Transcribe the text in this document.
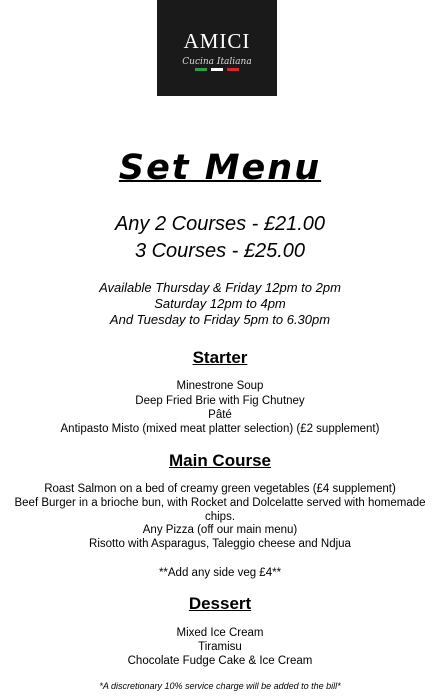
AMICI
Cucina Italiana
Set Menu
Any 2 Courses - £21.00
3 Courses - £25.00
Available Thursday & Friday 12pm to 2pm
Saturday 12pm to 4pm
And Tuesday to Friday 5pm to 6.30pm
Starter
Minestrone Soup
Deep Fried Brie with Fig Chutney
Pâté
Antipasto Misto (mixed meat platter selection) (£2 supplement)
Main Course
Roast Salmon on a bed of creamy green vegetables (£4 supplement)
Beef Burger in a brioche bun, with Rocket and Dolcelatte served with homemade
chips.
Any Pizza (off our main menu)
Risotto with Asparagus, Taleggio cheese and Ndjua
**Add any side veg £4**
Dessert
Mixed Ice Cream
Tiramisu
Chocolate Fudge Cake & Ice Cream
*A discretionary 10% service charge will be added to the bill*
